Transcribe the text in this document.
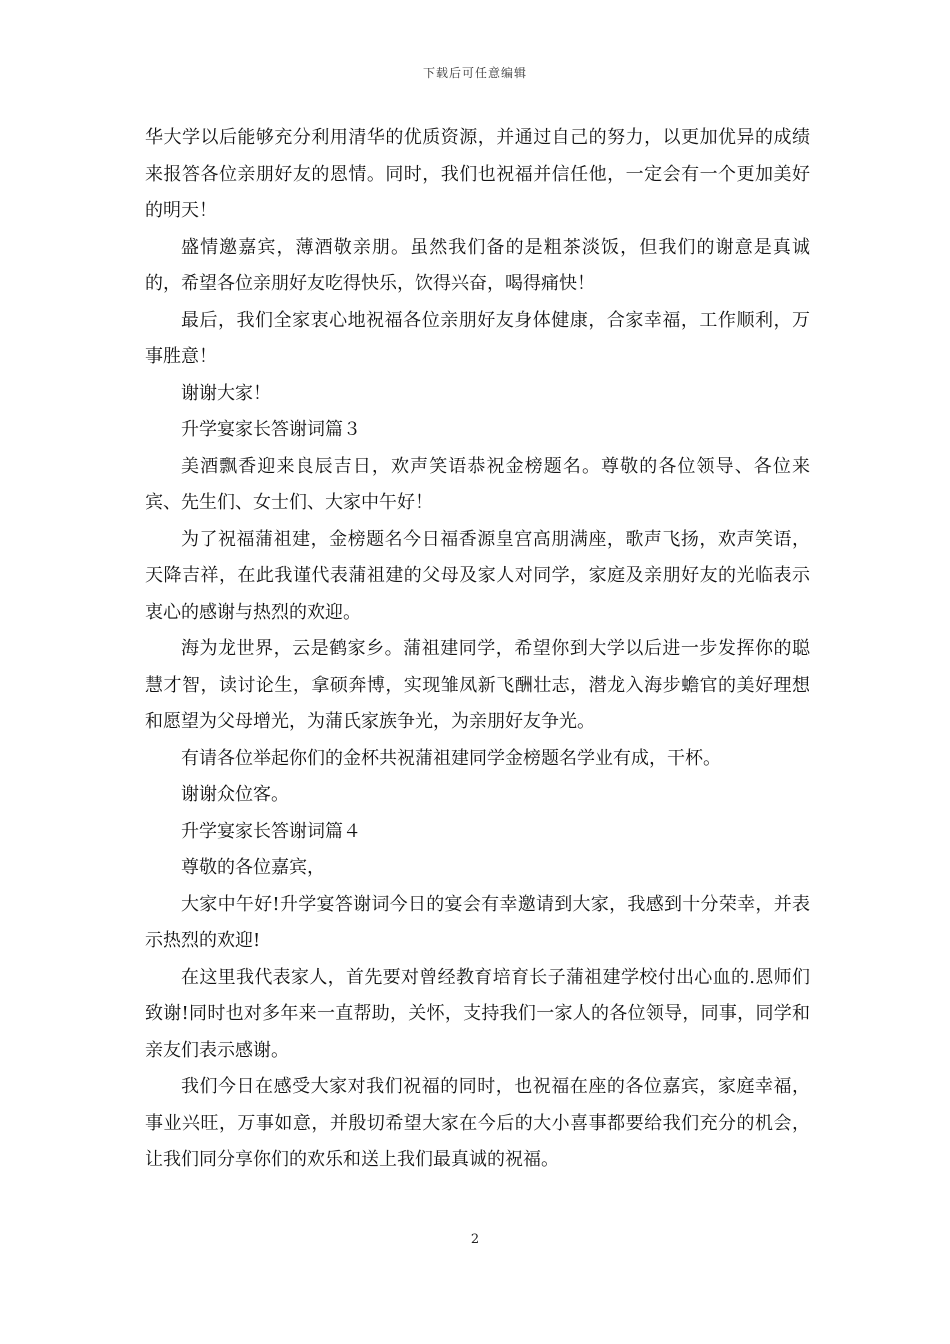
下载后可任意编辑

华大学以后能够充分利用清华的优质资源，并通过自己的努力，以更加优异的成绩来报答各位亲朋好友的恩情。同时，我们也祝福并信任他，一定会有一个更加美好的明天！

盛情邀嘉宾，薄酒敬亲朋。虽然我们备的是粗茶淡饭，但我们的谢意是真诚的，希望各位亲朋好友吃得快乐，饮得兴奋，喝得痛快！

最后，我们全家衷心地祝福各位亲朋好友身体健康，合家幸福，工作顺利，万事胜意！

谢谢大家！

升学宴家长答谢词篇３

美酒飘香迎来良辰吉日，欢声笑语恭祝金榜题名。尊敬的各位领导、各位来宾、先生们、女士们、大家中午好！

为了祝福蒲祖建，金榜题名今日福香源皇宫高朋满座，歌声飞扬，欢声笑语，天降吉祥，在此我谨代表蒲祖建的父母及家人对同学，家庭及亲朋好友的光临表示衷心的感谢与热烈的欢迎。

海为龙世界，云是鹤家乡。蒲祖建同学，希望你到大学以后进一步发挥你的聪慧才智，读讨论生，拿硕奔博，实现雏凤新飞酬壮志，潜龙入海步蟾官的美好理想和愿望为父母增光，为蒲氏家族争光，为亲朋好友争光。

有请各位举起你们的金杯共祝蒲祖建同学金榜题名学业有成，干杯。

谢谢众位客。

升学宴家长答谢词篇４

尊敬的各位嘉宾，

大家中午好!升学宴答谢词今日的宴会有幸邀请到大家，我感到十分荣幸，并表示热烈的欢迎!

在这里我代表家人，首先要对曾经教育培育长子蒲祖建学校付出心血的.恩师们致谢!同时也对多年来一直帮助，关怀，支持我们一家人的各位领导，同事，同学和亲友们表示感谢。

我们今日在感受大家对我们祝福的同时，也祝福在座的各位嘉宾，家庭幸福，事业兴旺，万事如意，并殷切希望大家在今后的大小喜事都要给我们充分的机会，让我们同分享你们的欢乐和送上我们最真诚的祝福。

2
